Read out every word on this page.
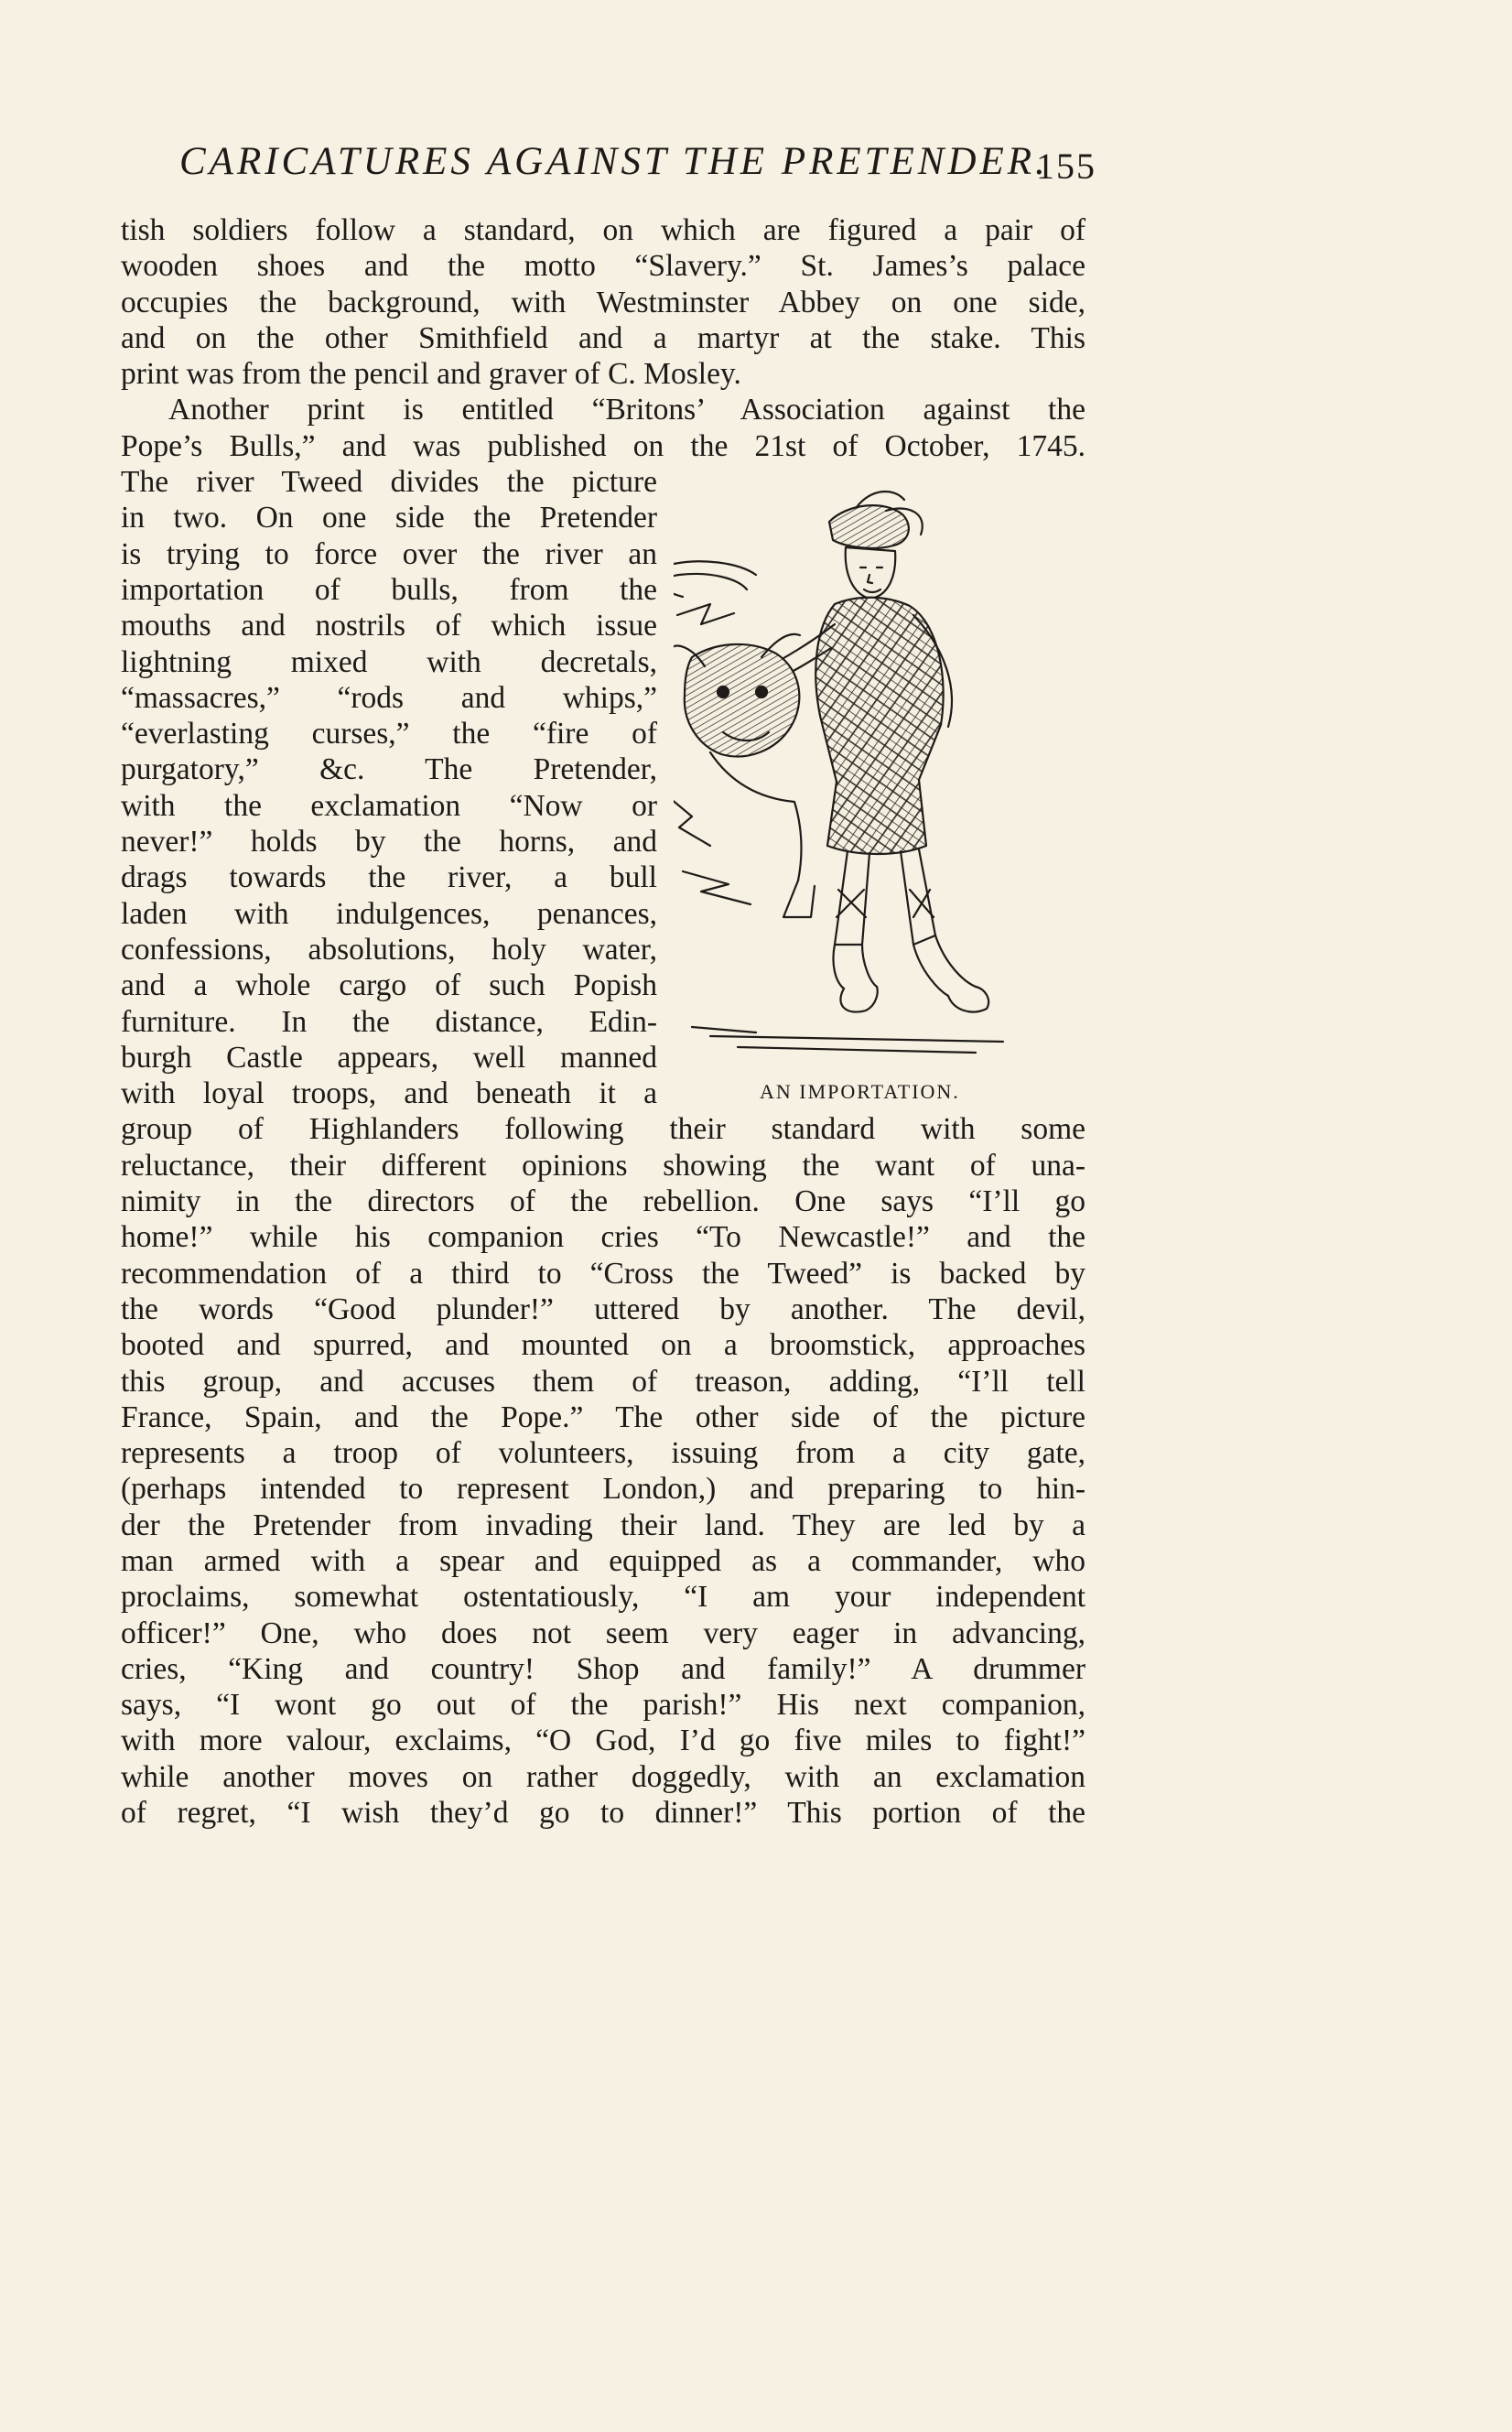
CARICATURES AGAINST THE PRETENDER.
155
tish soldiers follow a standard, on which are figured a pair of
wooden shoes and the motto “Slavery.” St. James’s palace
occupies the background, with Westminster Abbey on one side,
and on the other Smithfield and a martyr at the stake. This
print was from the pencil and graver of C. Mosley.
Another print is entitled “Britons’ Association against the
Pope’s Bulls,” and was published on the 21st of October, 1745.
The river Tweed divides the picture
in two. On one side the Pretender
is trying to force over the river an
importation of bulls, from the
mouths and nostrils of which issue
lightning mixed with decretals,
“massacres,” “rods and whips,”
“everlasting curses,” the “fire of
purgatory,” &c. The Pretender,
with the exclamation “Now or
never!” holds by the horns, and
drags towards the river, a bull
laden with indulgences, penances,
confessions, absolutions, holy water,
and a whole cargo of such Popish
furniture. In the distance, Edin-
burgh Castle appears, well manned
with loyal troops, and beneath it a
group of Highlanders following their standard with some
reluctance, their different opinions showing the want of una-
nimity in the directors of the rebellion. One says “I’ll go
home!” while his companion cries “To Newcastle!” and the
recommendation of a third to “Cross the Tweed” is backed by
the words “Good plunder!” uttered by another. The devil,
booted and spurred, and mounted on a broomstick, approaches
this group, and accuses them of treason, adding, “I’ll tell
France, Spain, and the Pope.” The other side of the picture
represents a troop of volunteers, issuing from a city gate,
(perhaps intended to represent London,) and preparing to hin-
der the Pretender from invading their land. They are led by a
man armed with a spear and equipped as a commander, who
proclaims, somewhat ostentatiously, “I am your independent
officer!” One, who does not seem very eager in advancing,
cries, “King and country! Shop and family!” A drummer
says, “I wont go out of the parish!” His next companion,
with more valour, exclaims, “O God, I’d go five miles to fight!”
while another moves on rather doggedly, with an exclamation
of regret, “I wish they’d go to dinner!” This portion of the
AN IMPORTATION.
